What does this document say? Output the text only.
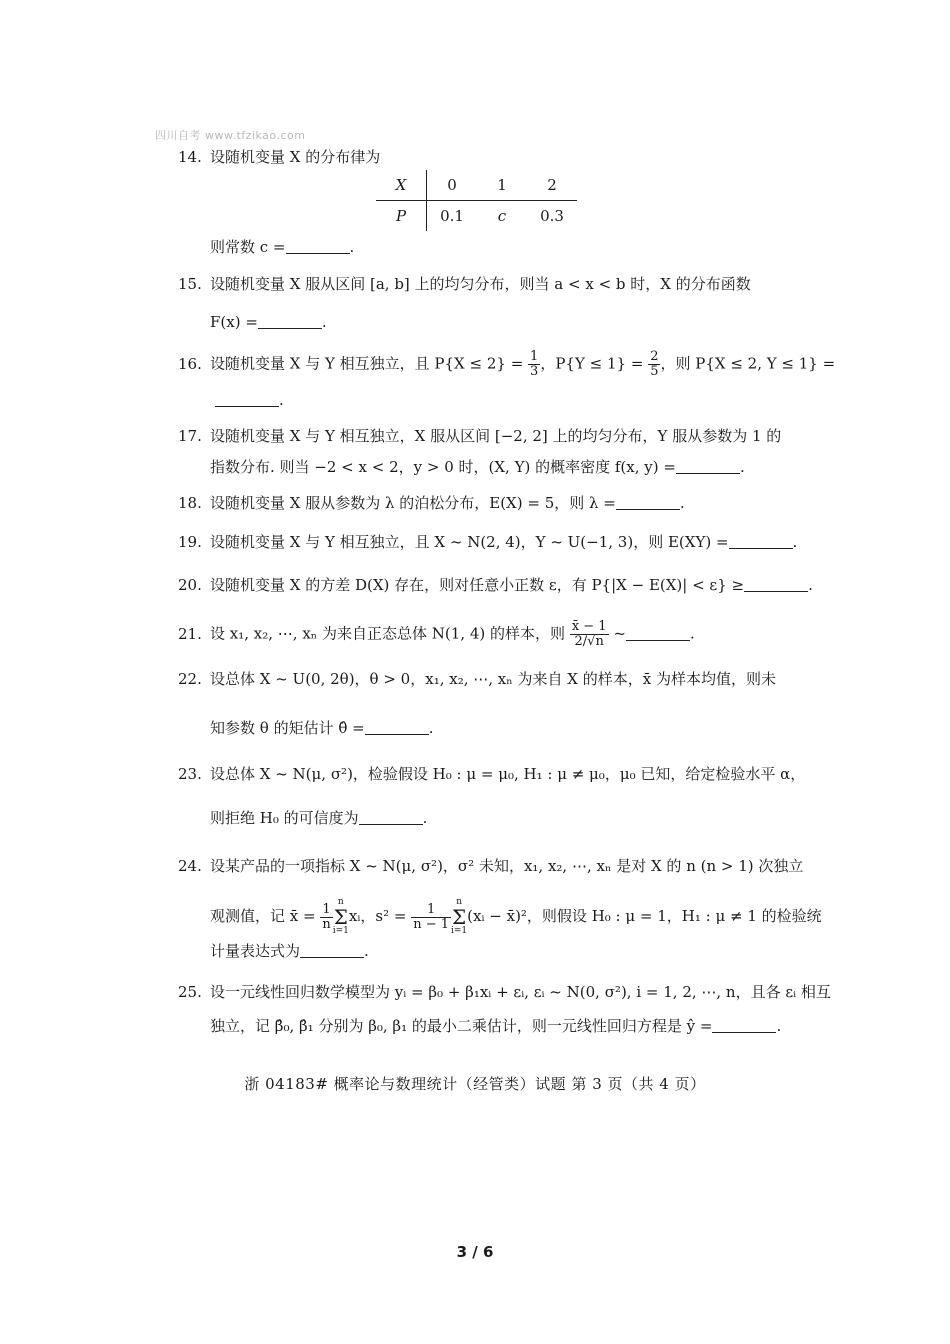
四川自考 www.tfzikao.com
14. 设随机变量 X 的分布律为
X	0	1	2
P	0.1	c	0.3
则常数 c =	.
15. 设随机变量 X 服从区间 [a, b] 上的均匀分布，则当 a < x < b 时，X 的分布函数
F(x) =	.
16. 设随机变量 X 与 Y 相互独立，且 $P\{X \le 2\} = \frac{1}{3}$ ，$P\{Y \le 1\} = \frac{2}{5}$ ，则 P{X ≤ 2, Y ≤ 1} =
.
17. 设随机变量 X 与 Y 相互独立，X 服从区间 [−2, 2] 上的均匀分布，Y 服从参数为 1 的
指数分布. 则当 −2 < x < 2，y > 0 时，(X, Y) 的概率密度 f(x, y) =	.
18. 设随机变量 X 服从参数为 λ 的泊松分布，E(X) = 5，则 λ =	.
19. 设随机变量 X 与 Y 相互独立，且 X ~ N(2, 4)，Y ~ U(−1, 3)，则 E(XY) =	.
20. 设随机变量 X 的方差 D(X) 存在，则对任意小正数 ε，有 P{|X − E(X)| < ε} ≥	.
21. 设 x₁, x₂, ⋯, xₙ 为来自正态总体 N(1, 4) 的样本，则 $\frac{x̄ - 1}{2/√n}$ ~	.
22. 设总体 X ~ U(0, 2θ)，θ > 0，x₁, x₂, ⋯, xₙ 为来自 X 的样本，x̄ 为样本均值，则未
知参数 θ 的矩估计 θ̂ =	.
23. 设总体 X ~ N(μ, σ²)，检验假设 H₀ : μ = μ₀, H₁ : μ ≠ μ₀，μ₀ 已知，给定检验水平 α，
则拒绝 H₀ 的可信度为	.
24. 设某产品的一项指标 X ~ N(μ, σ²)，σ² 未知，x₁, x₂, ⋯, xₙ 是对 X 的 n (n > 1) 次独立
观测值，记 x̄ = $\frac{1}{n}$
n
Σ
i=1xᵢ，$s^2 = \frac{1}{n - 1}$
n
Σ
i=1(xᵢ − x̄)²，则假设 H₀ : μ = 1，H₁ : μ ≠ 1 的检验统
计量表达式为	.
25. 设一元线性回归数学模型为 yᵢ = β₀ + β₁xᵢ + εᵢ, εᵢ ~ N(0, σ²), i = 1, 2, ⋯, n，且各 εᵢ 相互
独立，记 β̂₀, β̂₁ 分别为 β₀, β₁ 的最小二乘估计，则一元线性回归方程是 ŷ =	.
浙 04183# 概率论与数理统计（经管类）试题 第 3 页（共 4 页）
3 / 6
